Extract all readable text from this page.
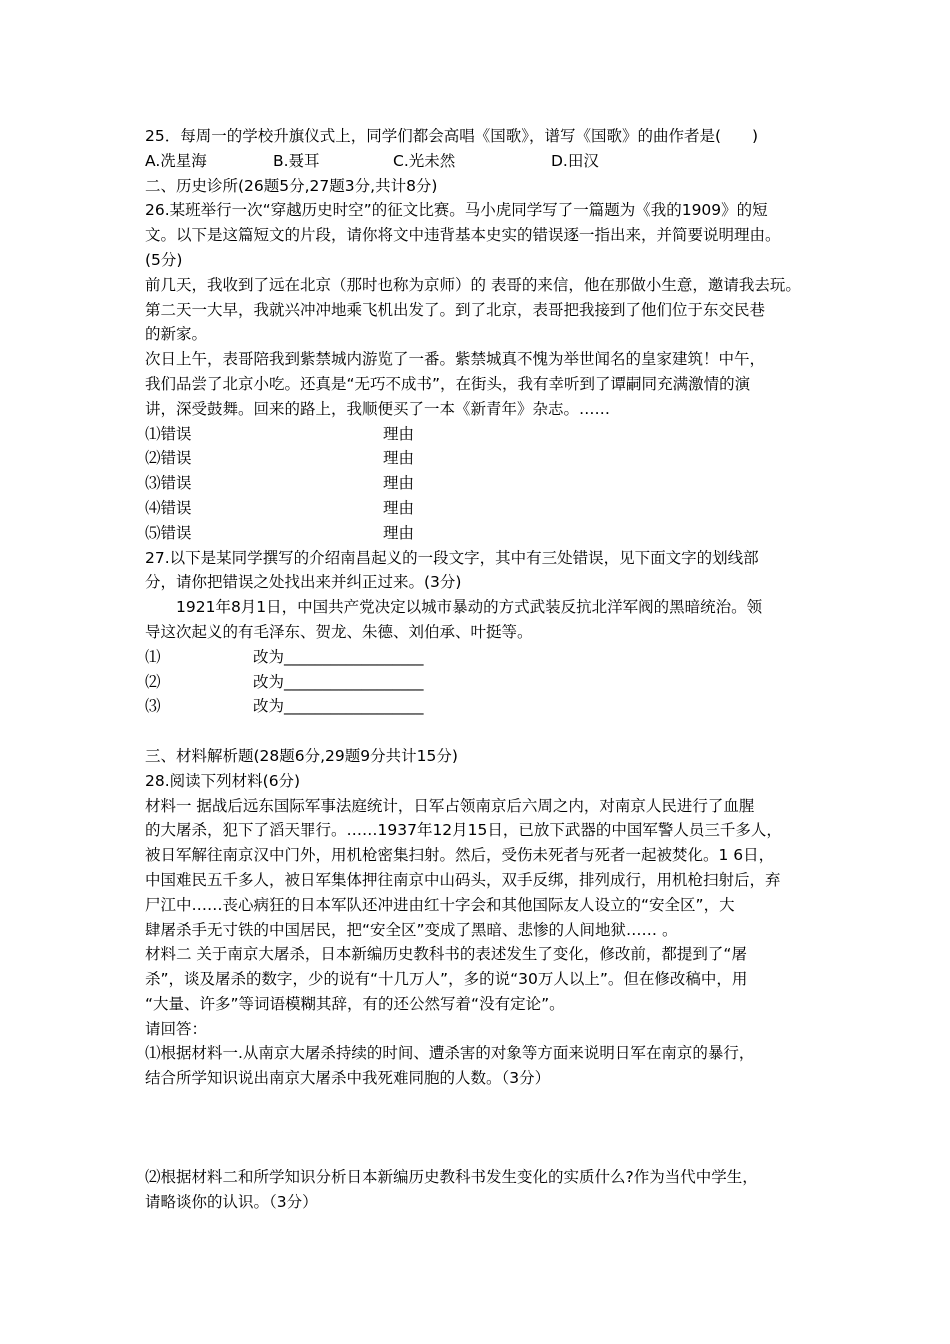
25．每周一的学校升旗仪式上，同学们都会高唱《国歌》，谱写《国歌》的曲作者是(　　)
A.冼星海	B.聂耳	C.光未然	D.田汉
二、历史诊所(26题5分,27题3分,共计8分)
26.某班举行一次“穿越历史时空”的征文比赛。马小虎同学写了一篇题为《我的1909》的短
文。以下是这篇短文的片段，请你将文中违背基本史实的错误逐一指出来，并简要说明理由。
(5分)
前几天，我收到了远在北京（那时也称为京师）的 表哥的来信，他在那做小生意，邀请我去玩。
第二天一大早，我就兴冲冲地乘飞机出发了。到了北京，表哥把我接到了他们位于东交民巷
的新家。
次日上午，表哥陪我到紫禁城内游览了一番。紫禁城真不愧为举世闻名的皇家建筑！中午，
我们品尝了北京小吃。还真是“无巧不成书”，在街头，我有幸听到了谭嗣同充满激情的演
讲，深受鼓舞。回来的路上，我顺便买了一本《新青年》杂志。……
⑴错误	理由
⑵错误	理由
⑶错误	理由
⑷错误	理由
⑸错误	理由
27.以下是某同学撰写的介绍南昌起义的一段文字，其中有三处错误，见下面文字的划线部
分，请你把错误之处找出来并纠正过来。(3分)
1921年8月1日，中国共产党决定以城市暴动的方式武装反抗北洋军阀的黑暗统治。领
导这次起义的有毛泽东、贺龙、朱德、刘伯承、叶挺等。
⑴	改为__________________
⑵	改为__________________
⑶	改为__________________
三、材料解析题(28题6分,29题9分共计15分)
28.阅读下列材料(6分)
材料一 据战后远东国际军事法庭统计，日军占领南京后六周之内，对南京人民进行了血腥
的大屠杀，犯下了滔天罪行。……1937年12月15日，已放下武器的中国军警人员三千多人，
被日军解往南京汉中门外，用机枪密集扫射。然后，受伤未死者与死者一起被焚化。1 6日，
中国难民五千多人，被日军集体押往南京中山码头，双手反绑，排列成行，用机枪扫射后，弃
尸江中……丧心病狂的日本军队还冲进由红十字会和其他国际友人设立的“安全区”，大
肆屠杀手无寸铁的中国居民，把“安全区”变成了黑暗、悲惨的人间地狱…… 。
材料二 关于南京大屠杀，日本新编历史教科书的表述发生了变化，修改前，都提到了“屠
杀”，谈及屠杀的数字，少的说有“十几万人”，多的说“30万人以上”。但在修改稿中，用
“大量、许多”等词语模糊其辞，有的还公然写着“没有定论”。
请回答：
⑴根据材料一.从南京大屠杀持续的时间、遭杀害的对象等方面来说明日军在南京的暴行，
结合所学知识说出南京大屠杀中我死难同胞的人数。（3分）
⑵根据材料二和所学知识分析日本新编历史教科书发生变化的实质什么?作为当代中学生，
请略谈你的认识。（3分）
